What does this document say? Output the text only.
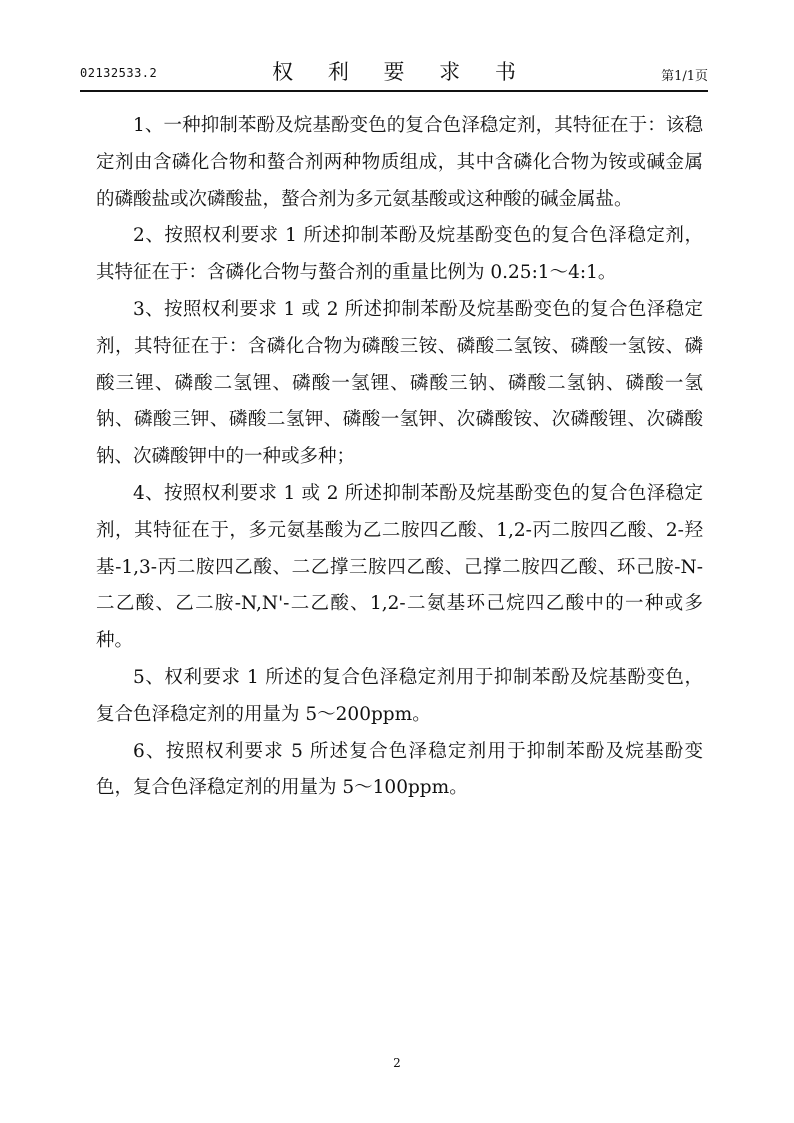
02132533.2	权 利 要 求 书	第1/1页

1、一种抑制苯酚及烷基酚变色的复合色泽稳定剂，其特征在于：该稳定剂由含磷化合物和螯合剂两种物质组成，其中含磷化合物为铵或碱金属的磷酸盐或次磷酸盐，螯合剂为多元氨基酸或这种酸的碱金属盐。

2、按照权利要求 1 所述抑制苯酚及烷基酚变色的复合色泽稳定剂，其特征在于：含磷化合物与螯合剂的重量比例为 0.25:1～4:1。

3、按照权利要求 1 或 2 所述抑制苯酚及烷基酚变色的复合色泽稳定剂，其特征在于：含磷化合物为磷酸三铵、磷酸二氢铵、磷酸一氢铵、磷酸三锂、磷酸二氢锂、磷酸一氢锂、磷酸三钠、磷酸二氢钠、磷酸一氢钠、磷酸三钾、磷酸二氢钾、磷酸一氢钾、次磷酸铵、次磷酸锂、次磷酸钠、次磷酸钾中的一种或多种；

4、按照权利要求 1 或 2 所述抑制苯酚及烷基酚变色的复合色泽稳定剂，其特征在于，多元氨基酸为乙二胺四乙酸、1,2-丙二胺四乙酸、2-羟基-1,3-丙二胺四乙酸、二乙撑三胺四乙酸、己撑二胺四乙酸、环己胺-N-二乙酸、乙二胺-N,N'-二乙酸、1,2-二氨基环己烷四乙酸中的一种或多种。

5、权利要求 1 所述的复合色泽稳定剂用于抑制苯酚及烷基酚变色，复合色泽稳定剂的用量为 5～200ppm。

6、按照权利要求 5 所述复合色泽稳定剂用于抑制苯酚及烷基酚变色，复合色泽稳定剂的用量为 5～100ppm。

2
